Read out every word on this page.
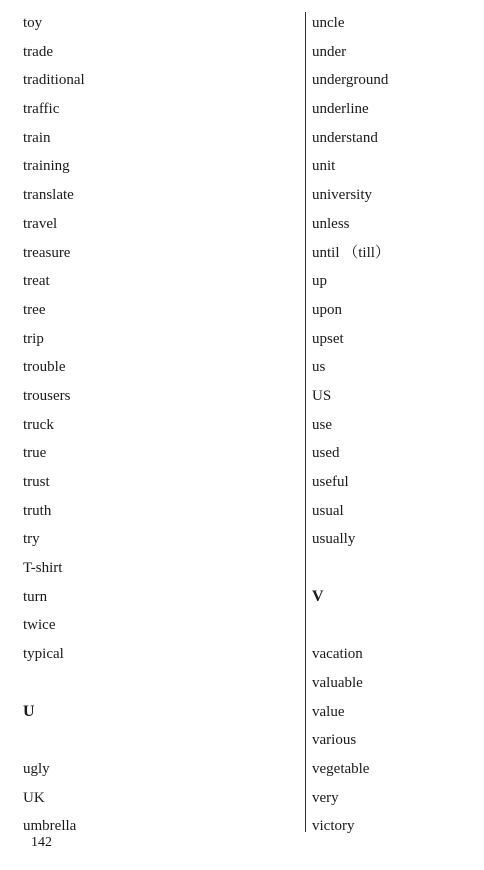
toy
trade
traditional
traffic
train
training
translate
travel
treasure
treat
tree
trip
trouble
trousers
truck
true
trust
truth
try
T-shirt
turn
twice
typical
U
ugly
UK
umbrella
uncle
under
underground
underline
understand
unit
university
unless
until （till）
up
upon
upset
us
US
use
used
useful
usual
usually
V
vacation
valuable
value
various
vegetable
very
victory
142
